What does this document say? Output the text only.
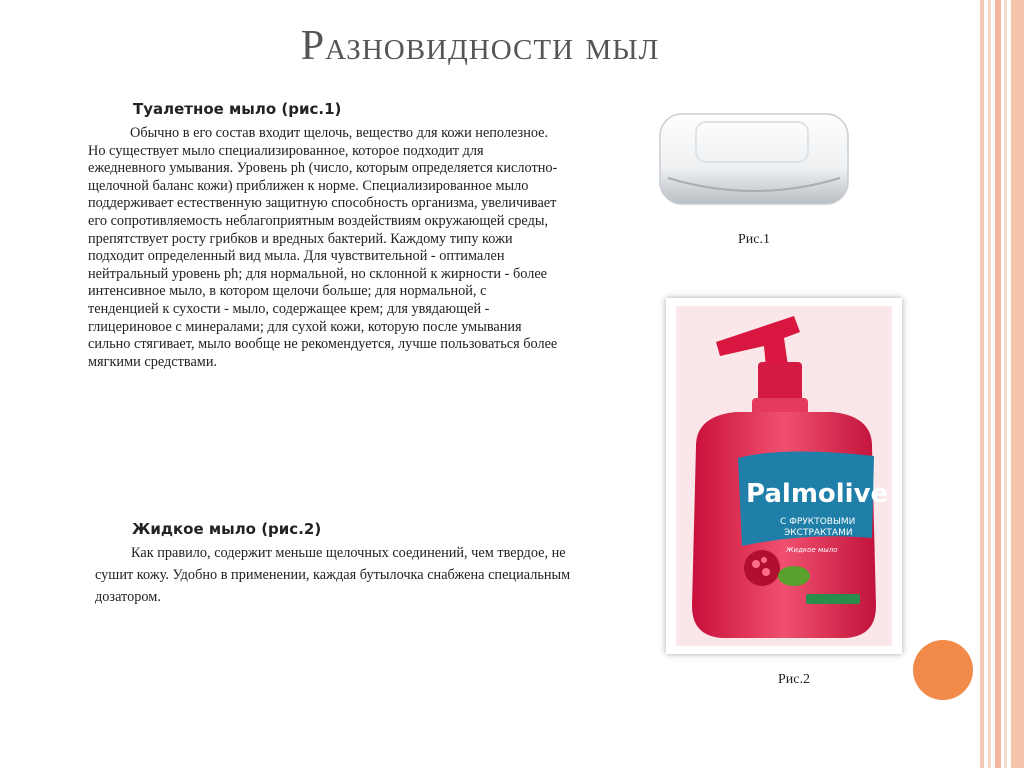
Разновидности мыл
Туалетное мыло (рис.1)
Обычно в его состав входит щелочь, вещество для кожи неполезное. Но существует мыло специализированное, которое подходит для ежедневного умывания. Уровень ph (число, которым определяется кислотно-щелочной баланс кожи) приближен к норме. Специализированное мыло поддерживает естественную защитную способность организма, увеличивает его сопротивляемость неблагоприятным воздействиям окружающей среды, препятствует росту грибков и вредных бактерий. Каждому типу кожи подходит определенный вид мыла. Для чувствительной - оптимален нейтральный уровень ph; для нормальной, но склонной к жирности - более интенсивное мыло, в котором щелочи больше; для нормальной, с тенденцией к сухости - мыло, содержащее крем; для увядающей - глицериновое с минералами; для сухой кожи, которую после умывания сильно стягивает, мыло вообще не рекомендуется, лучше пользоваться более мягкими средствами.
Жидкое мыло (рис.2)
Как правило, содержит меньше щелочных соединений, чем твердое, не сушит кожу. Удобно в применении, каждая бутылочка снабжена специальным дозатором.
Рис.1
Palmolive
С ФРУКТОВЫМИ
ЭКСТРАКТАМИ
Жидкое мыло
Рис.2
